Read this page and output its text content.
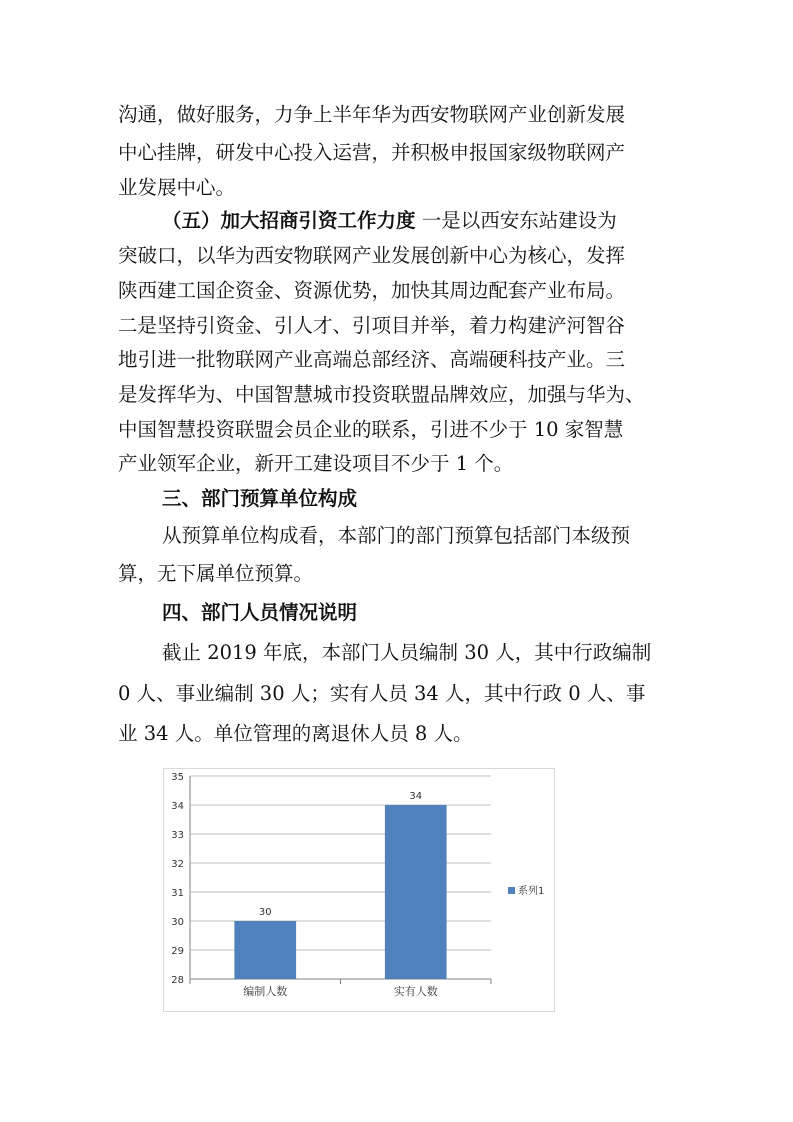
沟通，做好服务，力争上半年华为西安物联网产业创新发展
中心挂牌，研发中心投入运营，并积极申报国家级物联网产
业发展中心。
（五）加大招商引资工作力度 一是以西安东站建设为
突破口，以华为西安物联网产业发展创新中心为核心，发挥
陕西建工国企资金、资源优势，加快其周边配套产业布局。
二是坚持引资金、引人才、引项目并举，着力构建浐河智谷
地引进一批物联网产业高端总部经济、高端硬科技产业。三
是发挥华为、中国智慧城市投资联盟品牌效应，加强与华为、
中国智慧投资联盟会员企业的联系，引进不少于 10 家智慧
产业领军企业，新开工建设项目不少于 1 个。
三、部门预算单位构成
从预算单位构成看，本部门的部门预算包括部门本级预
算，无下属单位预算。
四、部门人员情况说明
截止 2019 年底，本部门人员编制 30 人，其中行政编制
0 人、事业编制 30 人；实有人员 34 人，其中行政 0 人、事
业 34 人。单位管理的离退休人员 8 人。
28
29
30
31
32
33
34
35
30
编制人数
34
实有人数
系列1
